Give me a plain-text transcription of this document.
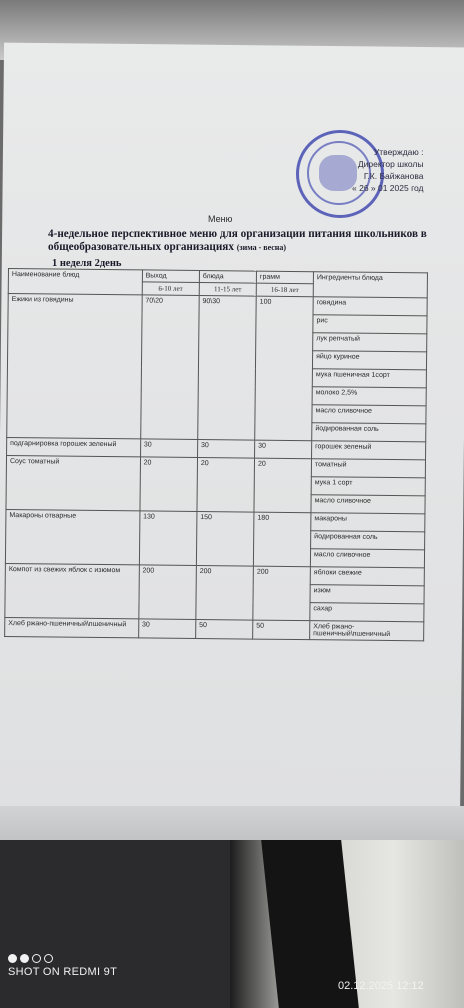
Утверждаю :
Директор школы
Г.К. Байжанова
« 26 » 01 2025 год
Меню
4-недельное перспективное меню для организации питания школьников в общеобразовательных организациях (зима - весна)
1 неделя 2день
Наименование блюд	Выход	блюда	грамм	Ингредиенты блюда
	6-10 лет	11-15 лет	16-18 лет	
Ежики из говядины	70\20	90\30	100	говядина
				рис
				лук репчатый
				яйцо куриное
				мука пшеничная 1сорт
				молоко 2,5%
				масло сливочное
				йодированная соль
подгарнировка горошек зеленый	30	30	30	горошек зеленый
Соус томатный	20	20	20	томатный
				мука 1 сорт
				масло сливочное
Макароны отварные	130	150	180	макароны
				йодированная соль
				масло сливочное
Компот из свежих яблок с изюмом	200	200	200	яблоки свежие
				изюм
				сахар
Хлеб ржано-пшеничный\пшеничный	30	50	50	Хлеб ржано-пшеничный\пшеничный
SHOT ON REDMI 9T
02.12.2025 12:12
